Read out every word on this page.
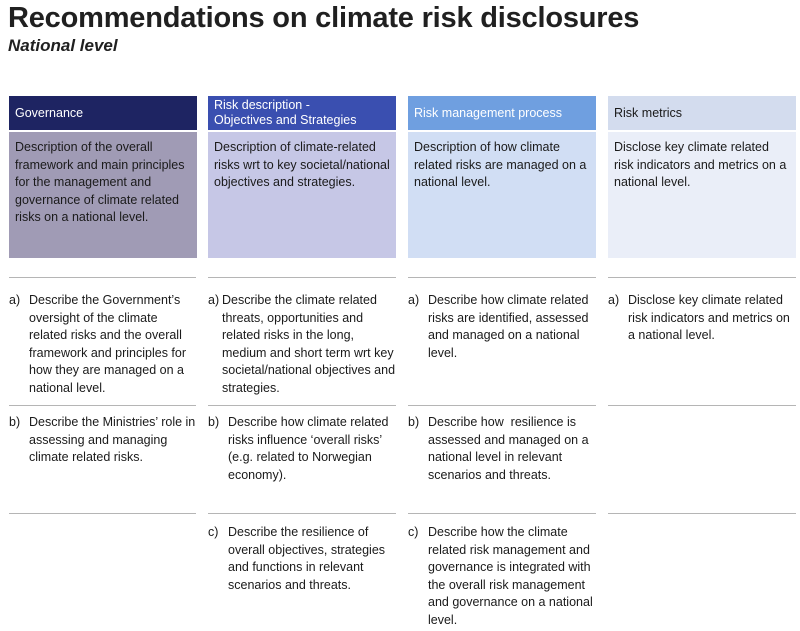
Recommendations on climate risk disclosures
National level
Governance
Description of the overall framework and main principles for the management and governance of climate related risks on a national level.
a) Describe the Government’s oversight of the climate related risks and the overall framework and principles for how they are managed on a national level.
b) Describe the Ministries’ role in assessing and managing climate related risks.
Risk description -
Objectives and Strategies
Description of climate-related risks wrt to key societal/national objectives and strategies.
a) Describe the climate related threats, opportunities and related risks in the long, medium and short term wrt key societal/national objectives and strategies.
b) Describe how climate related risks influence ‘overall risks’ (e.g. related to Norwegian economy).
c) Describe the resilience of overall objectives, strategies and functions in relevant scenarios and threats.
Risk management process
Description of how climate related risks are managed on a national level.
a) Describe how climate related risks are identified, assessed and managed on a national level.
b) Describe how  resilience is assessed and managed on a national level in relevant scenarios and threats.
c) Describe how the climate related risk management and governance is integrated with the overall risk management and governance on a national level.
Risk metrics
Disclose key climate related risk indicators and metrics on a national level.
a) Disclose key climate related risk indicators and metrics on a national level.
